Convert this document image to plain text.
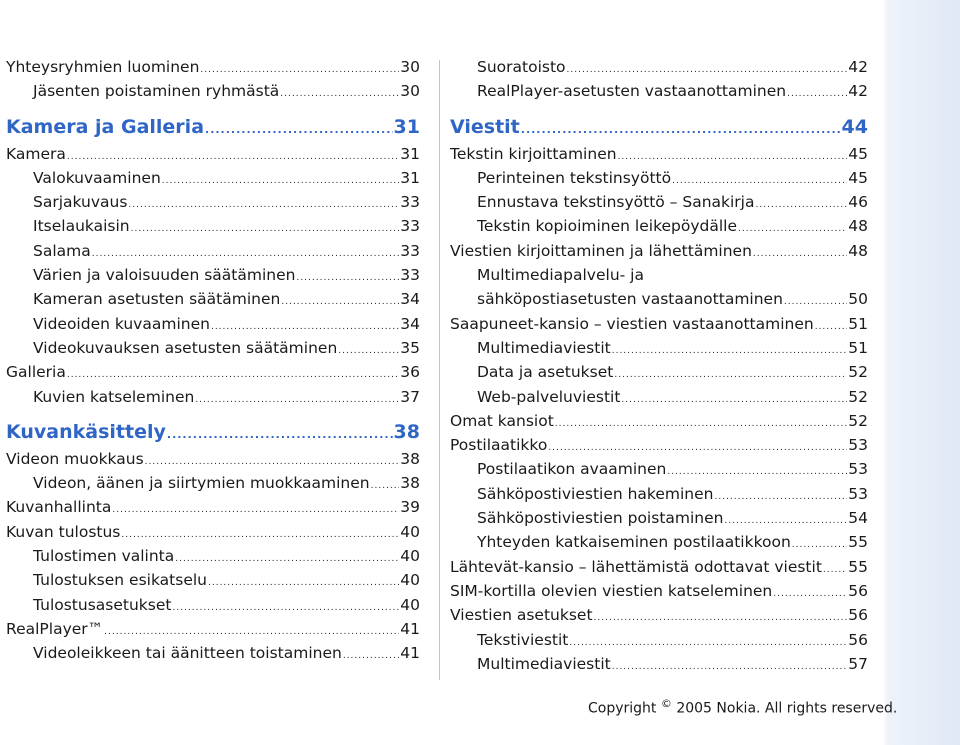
Yhteysryhmien luominen .....	30
Jäsenten poistaminen ryhmästä .....	30
Kamera ja Galleria .....	31
Kamera .....	31
Valokuvaaminen .....	31
Sarjakuvaus .....	33
Itselaukaisin .....	33
Salama .....	33
Värien ja valoisuuden säätäminen .....	33
Kameran asetusten säätäminen .....	34
Videoiden kuvaaminen .....	34
Videokuvauksen asetusten säätäminen .....	35
Galleria .....	36
Kuvien katseleminen .....	37
Kuvankäsittely .....	38
Videon muokkaus .....	38
Videon, äänen ja siirtymien muokkaaminen ..... 38
Kuvanhallinta .....	39
Kuvan tulostus .....	40
Tulostimen valinta .....	40
Tulostuksen esikatselu .....	40
Tulostusasetukset .....	40
RealPlayer™ .....	41
Videoleikkeen tai äänitteen toistaminen .....	41
Suoratoisto .....	42
RealPlayer-asetusten vastaanottaminen .....	42
Viestit .....	44
Tekstin kirjoittaminen .....	45
Perinteinen tekstinsyöttö .....	45
Ennustava tekstinsyöttö – Sanakirja .....	46
Tekstin kopioiminen leikepöydälle .....	48
Viestien kirjoittaminen ja lähettäminen .....	48
Multimediapalvelu- ja
sähköpostiasetusten vastaanottaminen .....	50
Saapuneet-kansio – viestien vastaanottaminen ..... 51
Multimediaviestit .....	51
Data ja asetukset .....	52
Web-palveluviestit .....	52
Omat kansiot .....	52
Postilaatikko .....	53
Postilaatikon avaaminen .....	53
Sähköpostiviestien hakeminen .....	53
Sähköpostiviestien poistaminen .....	54
Yhteyden katkaiseminen postilaatikkoon .....	55
Lähtevät-kansio – lähettämistä odottavat viestit ..... 55
SIM-kortilla olevien viestien katseleminen .....	56
Viestien asetukset .....	56
Tekstiviestit .....	56
Multimediaviestit .....	57
Copyright © 2005 Nokia. All rights reserved.
